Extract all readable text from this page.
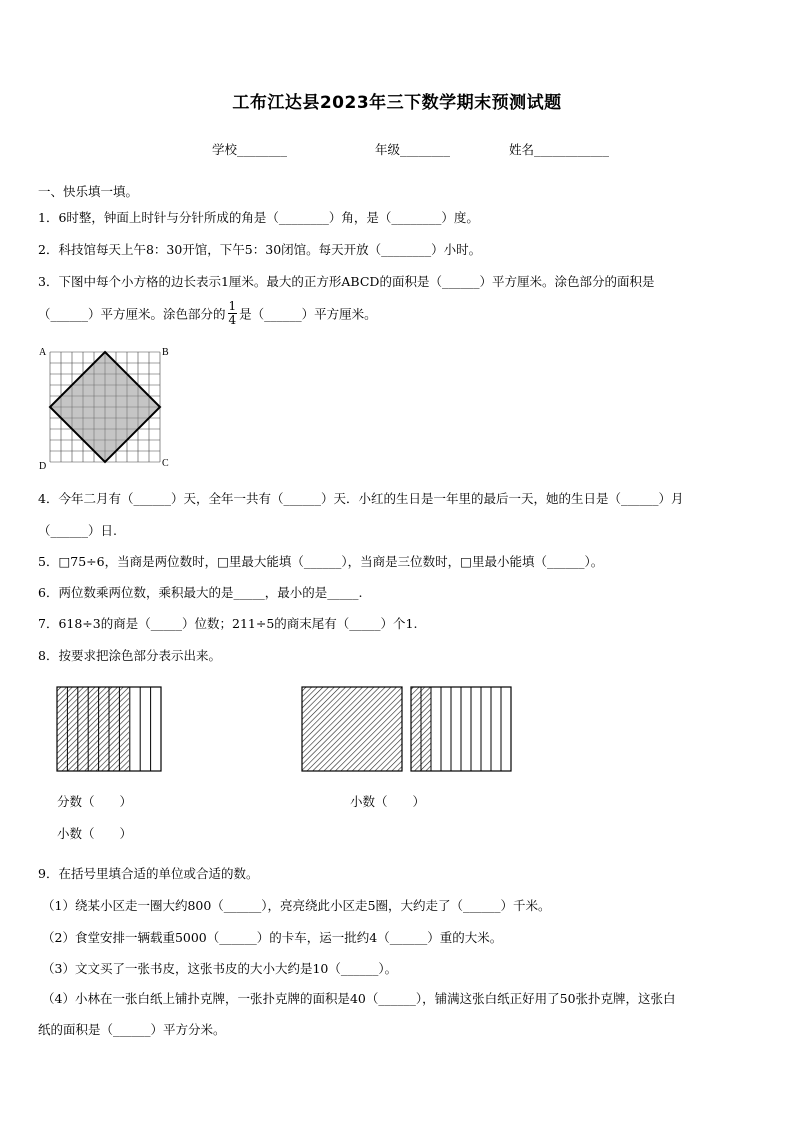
工布江达县2023年三下数学期末预测试题
学校________	年级________	姓名____________
一、快乐填一填。
1．6时整，钟面上时针与分针所成的角是（________）角，是（________）度。
2．科技馆每天上午8：30开馆，下午5：30闭馆。每天开放（________）小时。
3．下图中每个小方格的边长表示1厘米。最大的正方形ABCD的面积是（______）平方厘米。涂色部分的面积是
（______）平方厘米。涂色部分的 $\frac{1}{4}$ 是（______）平方厘米。
A	B
C
D
4．今年二月有（______）天，全年一共有（______）天．小红的生日是一年里的最后一天，她的生日是（______）月
（______）日.
5．□75÷6，当商是两位数时，□里最大能填（______），当商是三位数时，□里最小能填（______）。
6．两位数乘两位数，乘积最大的是_____，最小的是_____.
7．618÷3的商是（_____）位数；211÷5的商末尾有（_____）个1.
8．按要求把涂色部分表示出来。
分数（　　）	小数（　　）
小数（　　）
9．在括号里填合适的单位或合适的数。
（1）绕某小区走一圈大约800（______），亮亮绕此小区走5圈，大约走了（______）千米。
（2）食堂安排一辆载重5000（______）的卡车，运一批约4（______）重的大米。
（3）文文买了一张书皮，这张书皮的大小大约是10（______）。
（4）小林在一张白纸上铺扑克牌，一张扑克牌的面积是40（______），铺满这张白纸正好用了50张扑克牌，这张白
纸的面积是（______）平方分米。
